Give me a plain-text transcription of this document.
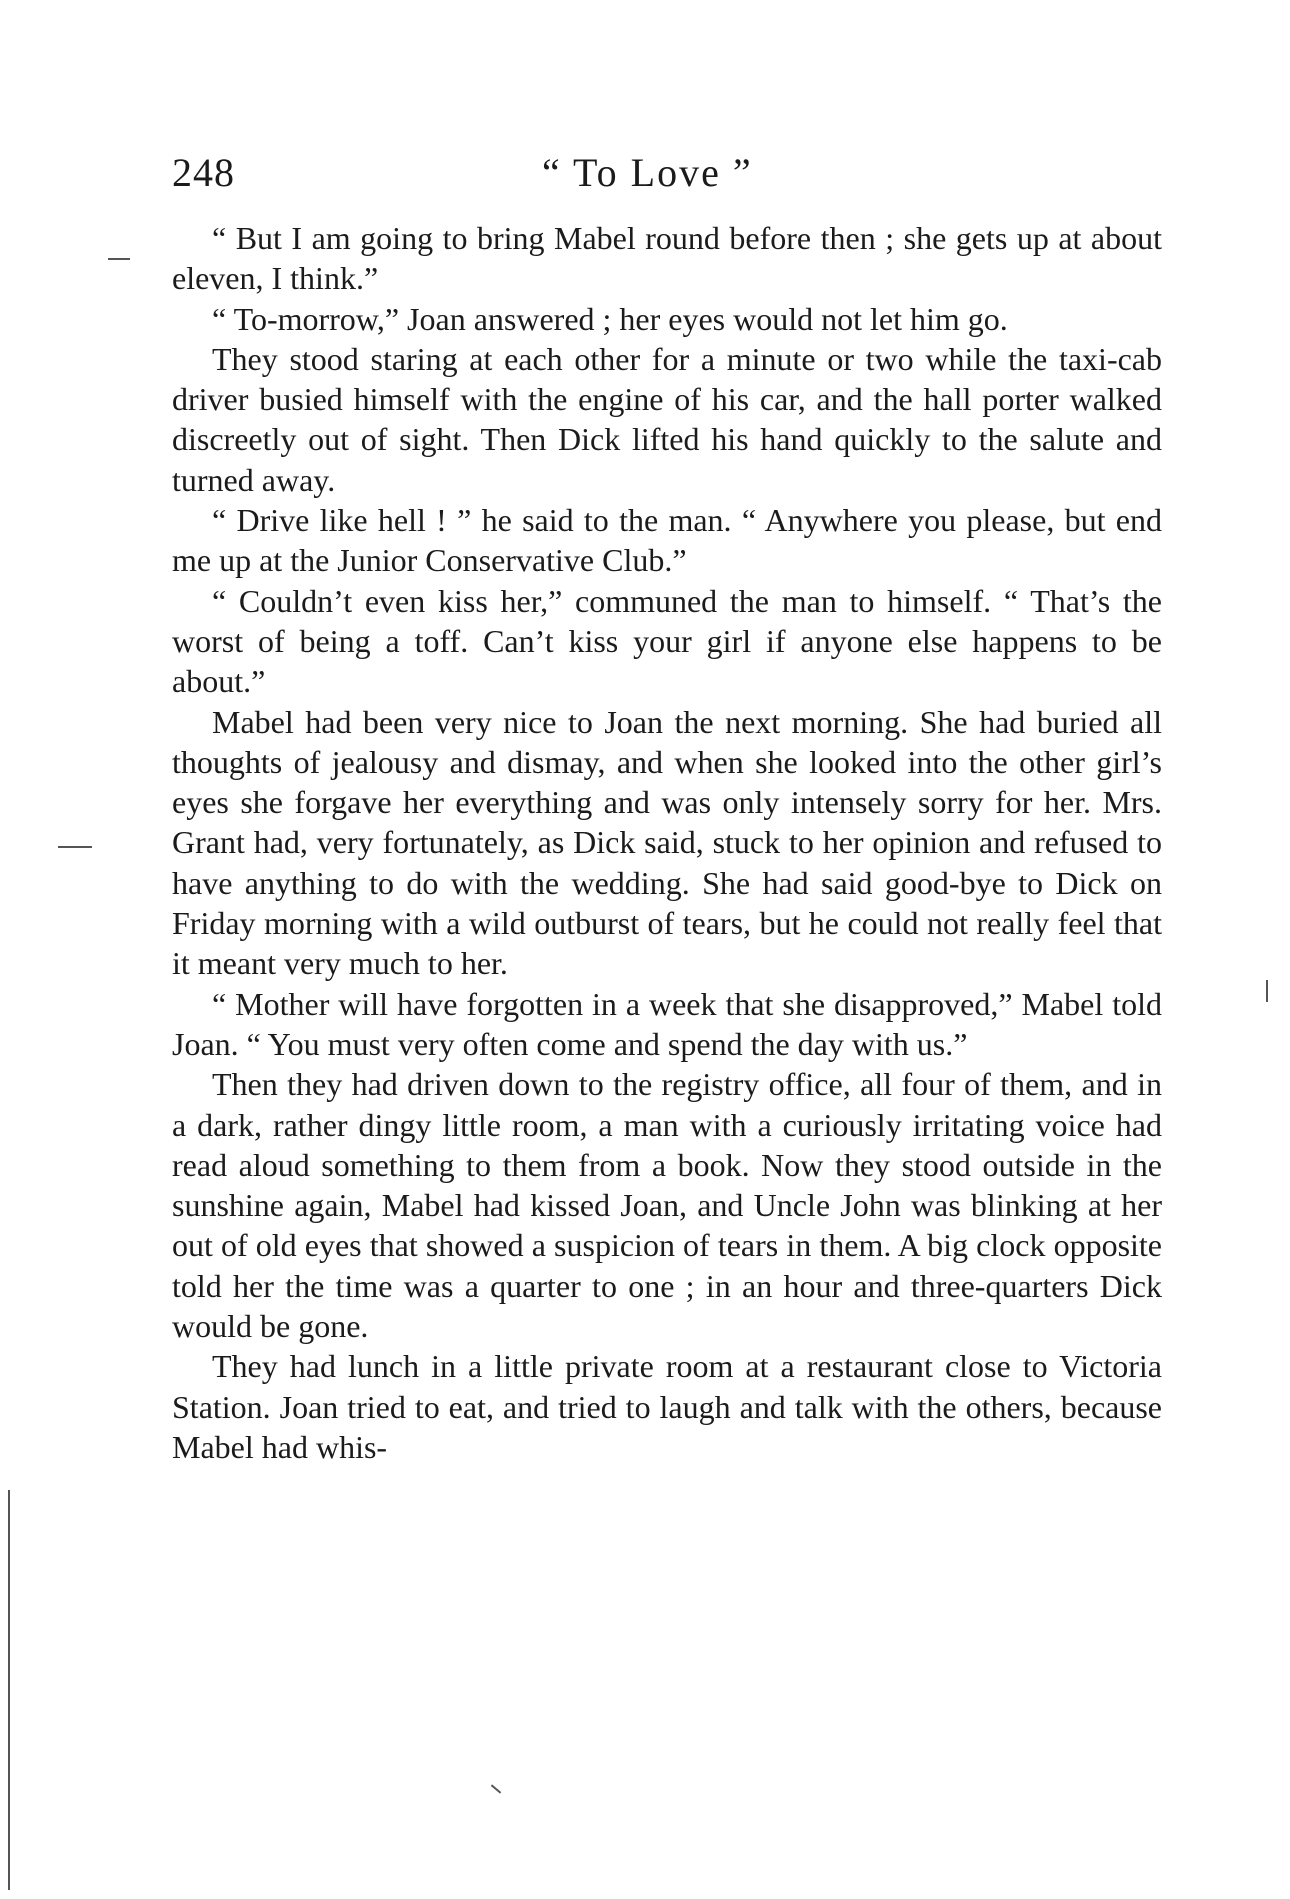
248	“ To Love ”

“ But I am going to bring Mabel round before then ; she gets up at about eleven, I think.”

“ To-morrow,” Joan answered ; her eyes would not let him go.

They stood staring at each other for a minute or two while the taxi-cab driver busied himself with the engine of his car, and the hall porter walked discreetly out of sight. Then Dick lifted his hand quickly to the salute and turned away.

“ Drive like hell ! ” he said to the man. “ Anywhere you please, but end me up at the Junior Conservative Club.”

“ Couldn’t even kiss her,” communed the man to himself. “ That’s the worst of being a toff. Can’t kiss your girl if anyone else happens to be about.”

Mabel had been very nice to Joan the next morning. She had buried all thoughts of jealousy and dismay, and when she looked into the other girl’s eyes she forgave her everything and was only intensely sorry for her. Mrs. Grant had, very fortunately, as Dick said, stuck to her opinion and refused to have anything to do with the wedding. She had said good-bye to Dick on Friday morning with a wild outburst of tears, but he could not really feel that it meant very much to her.

“ Mother will have forgotten in a week that she disapproved,” Mabel told Joan. “ You must very often come and spend the day with us.”

Then they had driven down to the registry office, all four of them, and in a dark, rather dingy little room, a man with a curiously irritating voice had read aloud something to them from a book. Now they stood outside in the sunshine again, Mabel had kissed Joan, and Uncle John was blinking at her out of old eyes that showed a suspicion of tears in them. A big clock opposite told her the time was a quarter to one ; in an hour and three-quarters Dick would be gone.

They had lunch in a little private room at a restaurant close to Victoria Station. Joan tried to eat, and tried to laugh and talk with the others, because Mabel had whis-
